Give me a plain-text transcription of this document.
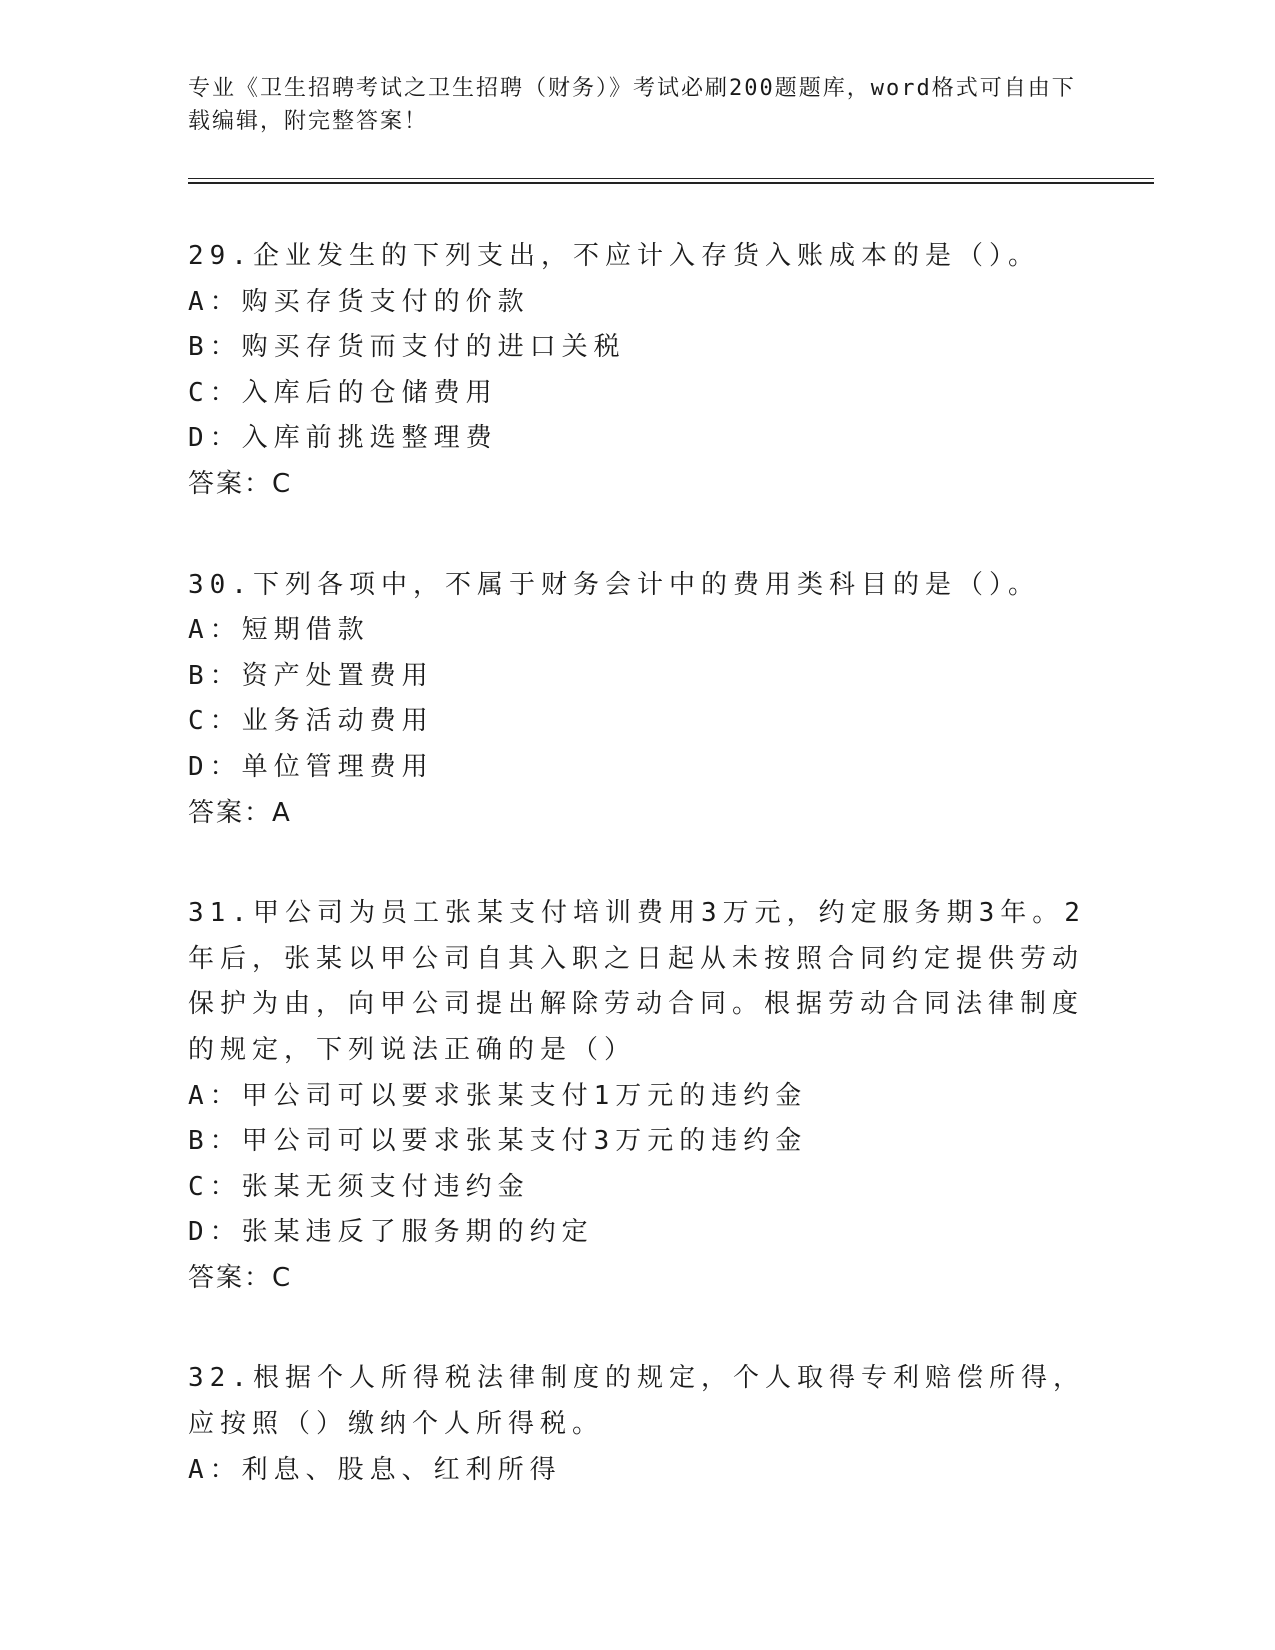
专业《卫生招聘考试之卫生招聘（财务）》考试必刷200题题库，word格式可自由下载编辑，附完整答案！
29.企业发生的下列支出，不应计入存货入账成本的是（）。
A：购买存货支付的价款
B：购买存货而支付的进口关税
C：入库后的仓储费用
D：入库前挑选整理费
答案：C
30.下列各项中，不属于财务会计中的费用类科目的是（）。
A：短期借款
B：资产处置费用
C：业务活动费用
D：单位管理费用
答案：A
31.甲公司为员工张某支付培训费用3万元，约定服务期3年。2年后，张某以甲公司自其入职之日起从未按照合同约定提供劳动保护为由，向甲公司提出解除劳动合同。根据劳动合同法律制度的规定，下列说法正确的是（）
A：甲公司可以要求张某支付1万元的违约金
B：甲公司可以要求张某支付3万元的违约金
C：张某无须支付违约金
D：张某违反了服务期的约定
答案：C
32.根据个人所得税法律制度的规定，个人取得专利赔偿所得，应按照（）缴纳个人所得税。
A：利息、股息、红利所得
